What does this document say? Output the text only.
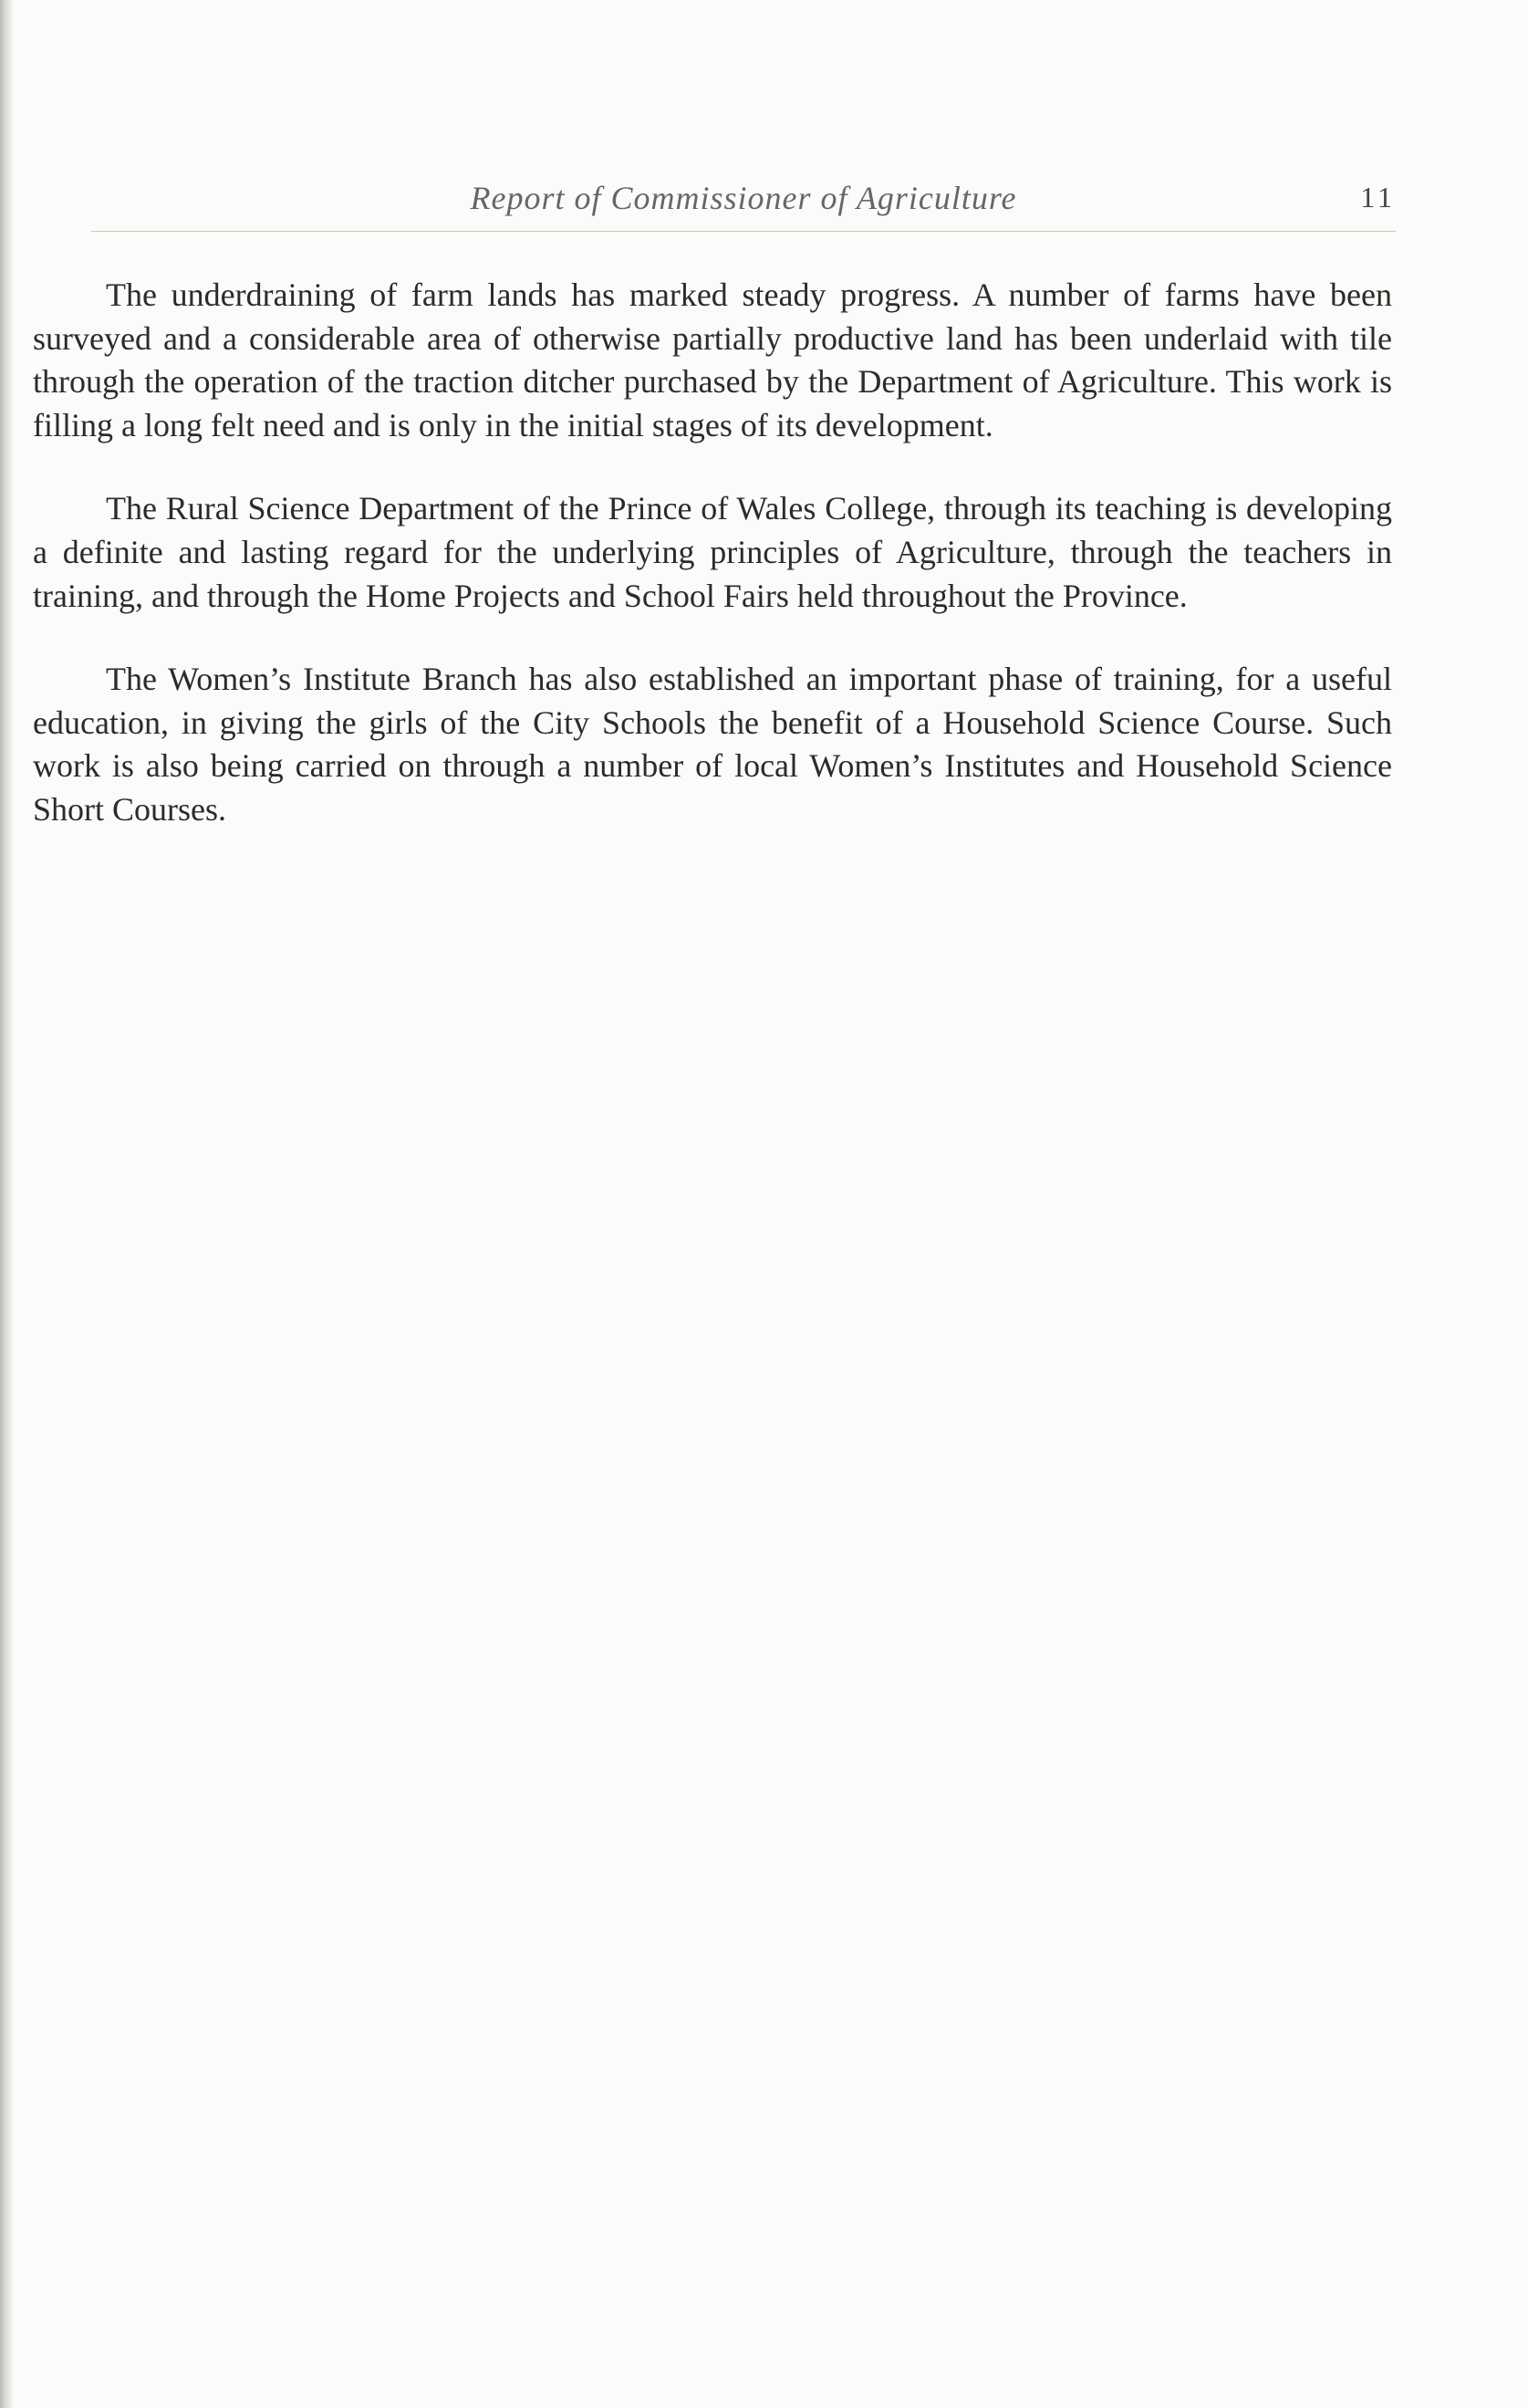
Report of Commissioner of Agriculture	11

The underdraining of farm lands has marked steady progress. A number of farms have been surveyed and a considerable area of otherwise partially productive land has been underlaid with tile through the operation of the traction ditcher purchased by the Department of Agriculture. This work is filling a long felt need and is only in the initial stages of its development.

The Rural Science Department of the Prince of Wales College, through its teaching is developing a definite and lasting regard for the underlying principles of Agriculture, through the teachers in training, and through the Home Projects and School Fairs held throughout the Province.

The Women’s Institute Branch has also established an important phase of training, for a useful education, in giving the girls of the City Schools the benefit of a Household Science Course. Such work is also being carried on through a number of local Women’s Institutes and Household Science Short Courses.
